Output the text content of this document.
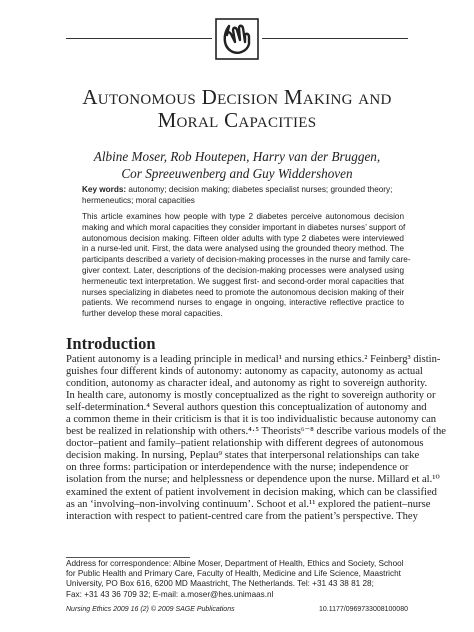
Autonomous Decision Making and
Moral Capacities
Albine Moser, Rob Houtepen, Harry van der Bruggen,
Cor Spreeuwenberg and Guy Widdershoven
Key words: autonomy; decision making; diabetes specialist nurses; grounded theory;
hermeneutics; moral capacities
This article examines how people with type 2 diabetes perceive autonomous decision
making and which moral capacities they consider important in diabetes nurses’ support of
autonomous decision making. Fifteen older adults with type 2 diabetes were interviewed
in a nurse-led unit. First, the data were analysed using the grounded theory method. The
participants described a variety of decision-making processes in the nurse and family care-
giver context. Later, descriptions of the decision-making processes were analysed using
hermeneutic text interpretation. We suggest first- and second-order moral capacities that
nurses specializing in diabetes need to promote the autonomous decision making of their
patients. We recommend nurses to engage in ongoing, interactive reflective practice to
further develop these moral capacities.
Introduction
Patient autonomy is a leading principle in medical¹ and nursing ethics.² Feinberg³ distin-
guishes four different kinds of autonomy: autonomy as capacity, autonomy as actual
condition, autonomy as character ideal, and autonomy as right to sovereign authority.
In health care, autonomy is mostly conceptualized as the right to sovereign authority or
self-determination.⁴ Several authors question this conceptualization of autonomy and
a common theme in their criticism is that it is too individualistic because autonomy can
best be realized in relationship with others.⁴·⁵ Theorists⁶⁻⁸ describe various models of the
doctor–patient and family–patient relationship with different degrees of autonomous
decision making. In nursing, Peplau⁹ states that interpersonal relationships can take
on three forms: participation or interdependence with the nurse; independence or
isolation from the nurse; and helplessness or dependence upon the nurse. Millard et al.¹⁰
examined the extent of patient involvement in decision making, which can be classified
as an ‘involving–non-involving continuum’. Schoot et al.¹¹ explored the patient–nurse
interaction with respect to patient-centred care from the patient’s perspective. They
Address for correspondence: Albine Moser, Department of Health, Ethics and Society, School
for Public Health and Primary Care, Faculty of Health, Medicine and Life Science, Maastricht
University, PO Box 616, 6200 MD Maastricht, The Netherlands. Tel: +31 43 38 81 28;
Fax: +31 43 36 709 32; E-mail: a.moser@hes.unimaas.nl
Nursing Ethics 2009 16 (2) © 2009 SAGE Publications	10.1177/0969733008100080
